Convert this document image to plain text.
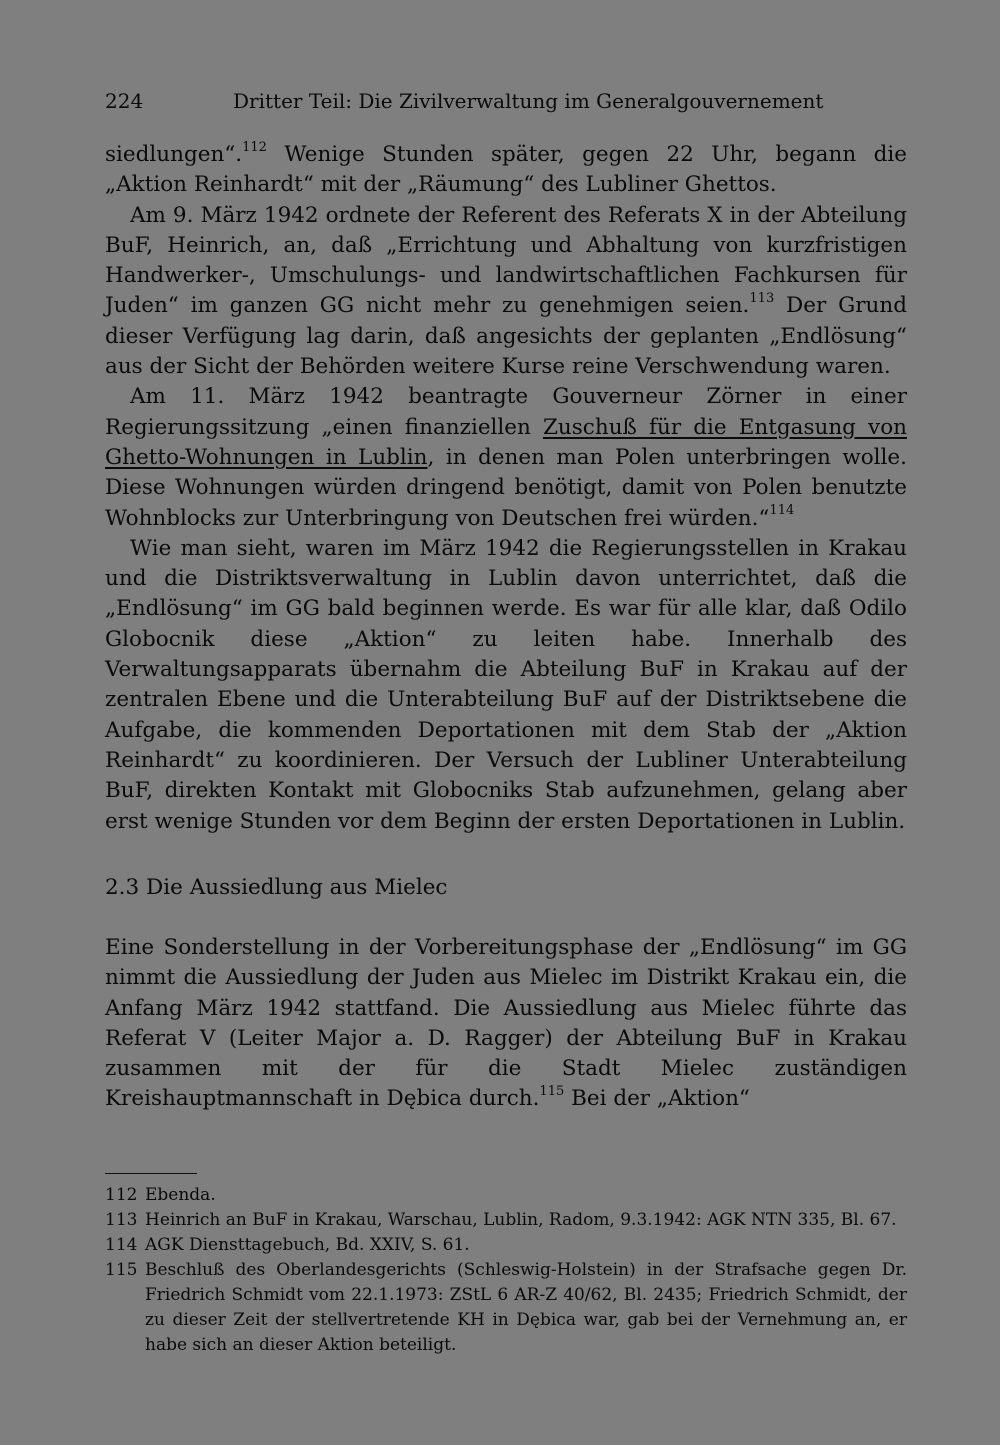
224	Dritter Teil: Die Zivilverwaltung im Generalgouvernement

siedlungen“.$^{112}$ Wenige Stunden später, gegen 22 Uhr, begann die „Aktion Reinhardt“ mit der „Räumung“ des Lubliner Ghettos.

Am 9. März 1942 ordnete der Referent des Referats X in der Abteilung BuF, Heinrich, an, daß „Errichtung und Abhaltung von kurzfristigen Handwerker-, Umschulungs- und landwirtschaftlichen Fachkursen für Juden“ im ganzen GG nicht mehr zu genehmigen seien.$^{113}$ Der Grund dieser Verfügung lag darin, daß angesichts der geplanten „Endlösung“ aus der Sicht der Behörden weitere Kurse reine Verschwendung waren.

Am 11. März 1942 beantragte Gouverneur Zörner in einer Regierungssitzung „einen finanziellen Zuschuß für die Entgasung von Ghetto-Wohnungen in Lublin, in denen man Polen unterbringen wolle. Diese Wohnungen würden dringend benötigt, damit von Polen benutzte Wohnblocks zur Unterbringung von Deutschen frei würden.“$^{114}$

Wie man sieht, waren im März 1942 die Regierungsstellen in Krakau und die Distriktsverwaltung in Lublin davon unterrichtet, daß die „Endlösung“ im GG bald beginnen werde. Es war für alle klar, daß Odilo Globocnik diese „Aktion“ zu leiten habe. Innerhalb des Verwaltungsapparats übernahm die Abteilung BuF in Krakau auf der zentralen Ebene und die Unterabteilung BuF auf der Distriktsebene die Aufgabe, die kommenden Deportationen mit dem Stab der „Aktion Reinhardt“ zu koordinieren. Der Versuch der Lubliner Unterabteilung BuF, direkten Kontakt mit Globocniks Stab aufzunehmen, gelang aber erst wenige Stunden vor dem Beginn der ersten Deportationen in Lublin.

2.3 Die Aussiedlung aus Mielec

Eine Sonderstellung in der Vorbereitungsphase der „Endlösung“ im GG nimmt die Aussiedlung der Juden aus Mielec im Distrikt Krakau ein, die Anfang März 1942 stattfand. Die Aussiedlung aus Mielec führte das Referat V (Leiter Major a. D. Ragger) der Abteilung BuF in Krakau zusammen mit der für die Stadt Mielec zuständigen Kreishauptmannschaft in Dębica durch.$^{115}$ Bei der „Aktion“

112 Ebenda.
113 Heinrich an BuF in Krakau, Warschau, Lublin, Radom, 9.3.1942: AGK NTN 335, Bl. 67.
114 AGK Diensttagebuch, Bd. XXIV, S. 61.
115 Beschluß des Oberlandesgerichts (Schleswig-Holstein) in der Strafsache gegen Dr. Friedrich Schmidt vom 22.1.1973: ZStL 6 AR-Z 40/62, Bl. 2435; Friedrich Schmidt, der zu dieser Zeit der stellvertretende KH in Dębica war, gab bei der Vernehmung an, er habe sich an dieser Aktion beteiligt.
